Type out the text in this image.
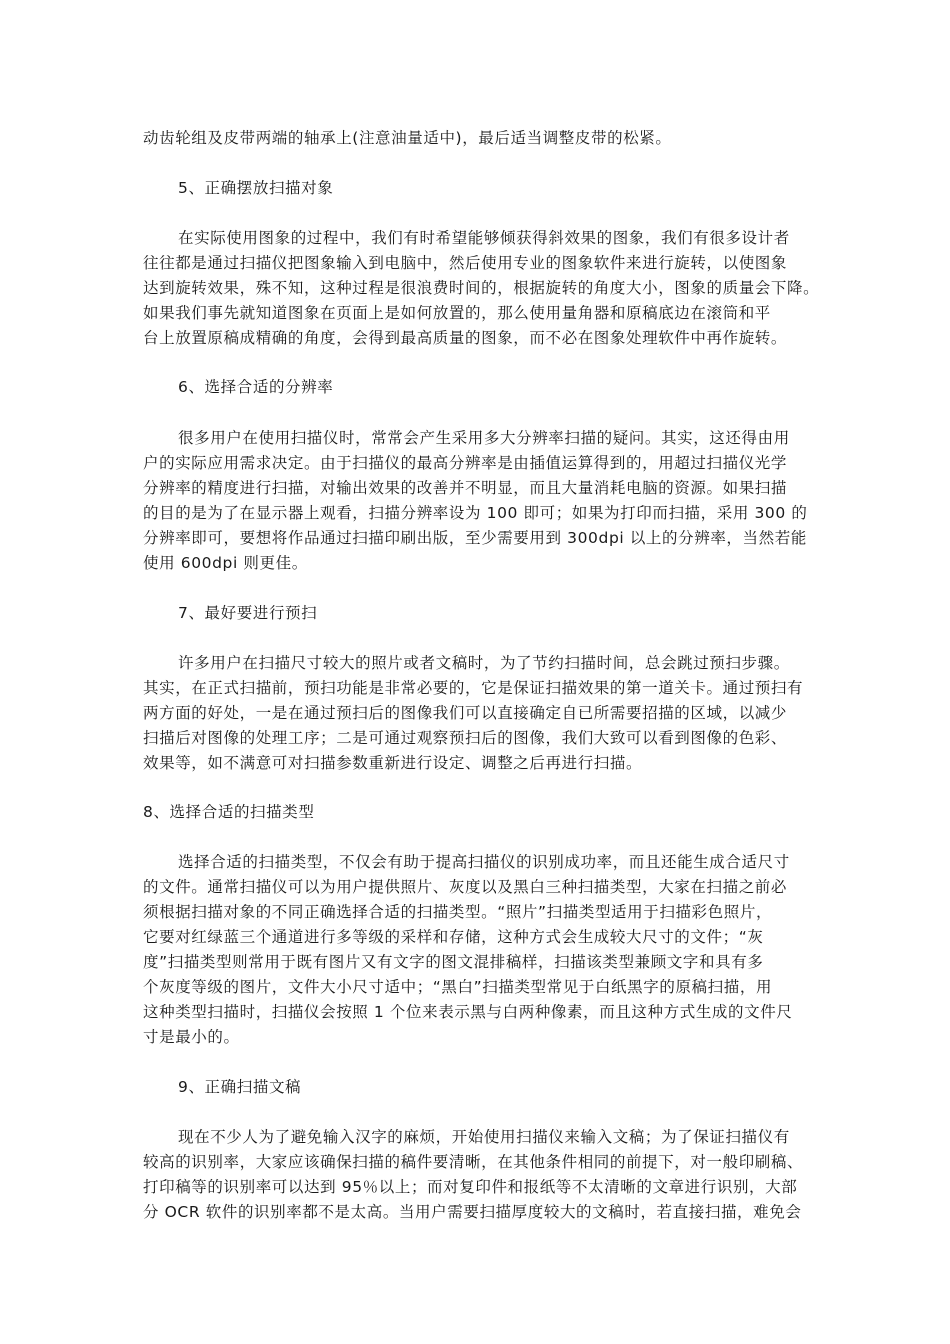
动齿轮组及皮带两端的轴承上(注意油量适中)，最后适当调整皮带的松紧。

5、正确摆放扫描对象

在实际使用图象的过程中，我们有时希望能够倾获得斜效果的图象，我们有很多设计者

往往都是通过扫描仪把图象输入到电脑中，然后使用专业的图象软件来进行旋转，以使图象

达到旋转效果，殊不知，这种过程是很浪费时间的，根据旋转的角度大小，图象的质量会下降。

如果我们事先就知道图象在页面上是如何放置的，那么使用量角器和原稿底边在滚筒和平

台上放置原稿成精确的角度，会得到最高质量的图象，而不必在图象处理软件中再作旋转。

6、选择合适的分辨率

很多用户在使用扫描仪时，常常会产生采用多大分辨率扫描的疑问。其实，这还得由用

户的实际应用需求决定。由于扫描仪的最高分辨率是由插值运算得到的，用超过扫描仪光学

分辨率的精度进行扫描，对输出效果的改善并不明显，而且大量消耗电脑的资源。如果扫描

的目的是为了在显示器上观看，扫描分辨率设为 100 即可；如果为打印而扫描，采用 300 的

分辨率即可，要想将作品通过扫描印刷出版，至少需要用到 300dpi 以上的分辨率，当然若能

使用 600dpi 则更佳。

7、最好要进行预扫

许多用户在扫描尺寸较大的照片或者文稿时，为了节约扫描时间，总会跳过预扫步骤。

其实，在正式扫描前，预扫功能是非常必要的，它是保证扫描效果的第一道关卡。通过预扫有

两方面的好处，一是在通过预扫后的图像我们可以直接确定自已所需要招描的区域，以减少

扫描后对图像的处理工序；二是可通过观察预扫后的图像，我们大致可以看到图像的色彩、

效果等，如不满意可对扫描参数重新进行设定、调整之后再进行扫描。

8、选择合适的扫描类型

选择合适的扫描类型，不仅会有助于提高扫描仪的识别成功率，而且还能生成合适尺寸

的文件。通常扫描仪可以为用户提供照片、灰度以及黑白三种扫描类型，大家在扫描之前必

须根据扫描对象的不同正确选择合适的扫描类型。“照片”扫描类型适用于扫描彩色照片，

它要对红绿蓝三个通道进行多等级的采样和存储，这种方式会生成较大尺寸的文件；“灰

度”扫描类型则常用于既有图片又有文字的图文混排稿样，扫描该类型兼顾文字和具有多

个灰度等级的图片，文件大小尺寸适中；“黑白”扫描类型常见于白纸黑字的原稿扫描，用

这种类型扫描时，扫描仪会按照 1 个位来表示黑与白两种像素，而且这种方式生成的文件尺

寸是最小的。

9、正确扫描文稿

现在不少人为了避免输入汉字的麻烦，开始使用扫描仪来输入文稿；为了保证扫描仪有

较高的识别率，大家应该确保扫描的稿件要清晰，在其他条件相同的前提下，对一般印刷稿、

打印稿等的识别率可以达到 95％以上；而对复印件和报纸等不太清晰的文章进行识别，大部

分 OCR 软件的识别率都不是太高。当用户需要扫描厚度较大的文稿时，若直接扫描，难免会
